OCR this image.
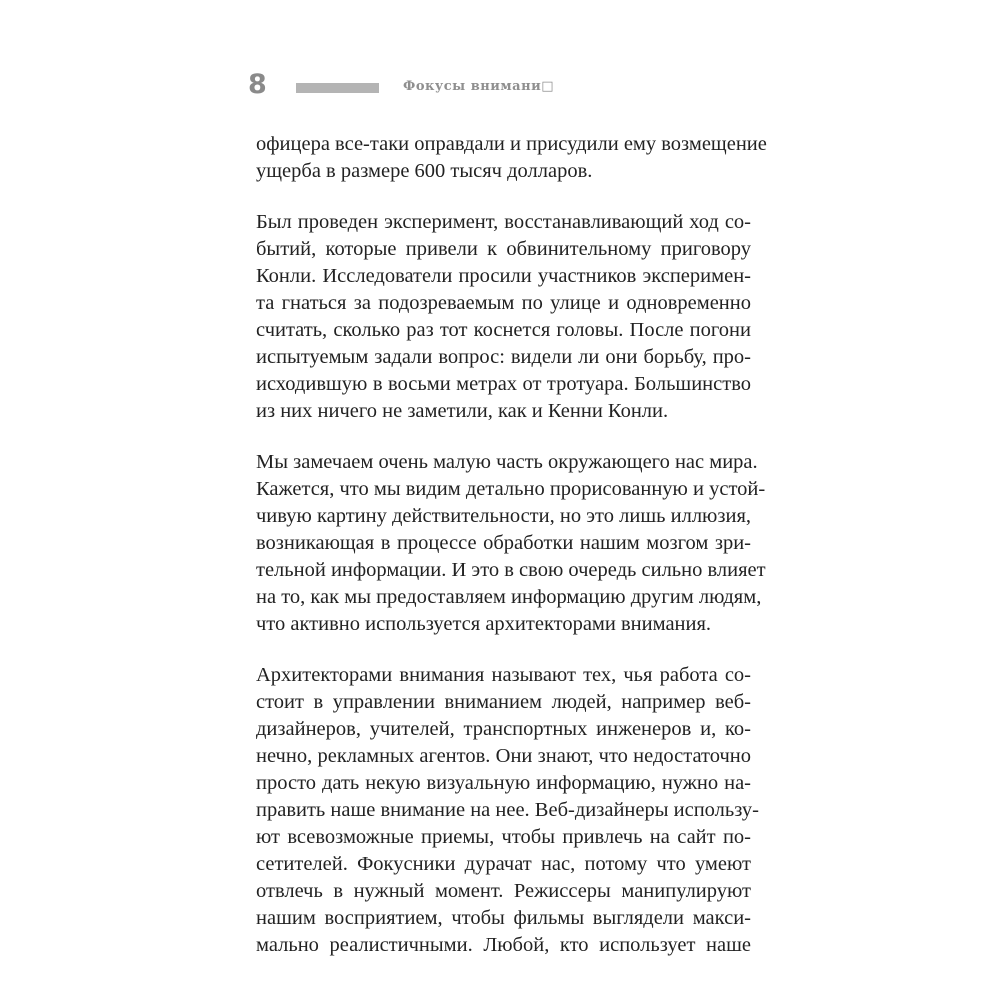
8	Фокусы внимани□
офицера все-таки оправдали и присудили ему возмещение
ущерба в размере 600 тысяч долларов.
Был проведен эксперимент, восстанавливающий ход со-
бытий, которые привели к обвинительному приговору
Конли. Исследователи просили участников эксперимен-
та гнаться за подозреваемым по улице и одновременно
считать, сколько раз тот коснется головы. После погони
испытуемым задали вопрос: видели ли они борьбу, про-
исходившую в восьми метрах от тротуара. Большинство
из них ничего не заметили, как и Кенни Конли.
Мы замечаем очень малую часть окружающего нас мира.
Кажется, что мы видим детально прорисованную и устой-
чивую картину действительности, но это лишь иллюзия,
возникающая в процессе обработки нашим мозгом зри-
тельной информации. И это в свою очередь сильно влияет
на то, как мы предоставляем информацию другим людям,
что активно используется архитекторами внимания.
Архитекторами внимания называют тех, чья работа со-
стоит в управлении вниманием людей, например веб-
дизайнеров, учителей, транспортных инженеров и, ко-
нечно, рекламных агентов. Они знают, что недостаточно
просто дать некую визуальную информацию, нужно на-
править наше внимание на нее. Веб-дизайнеры использу-
ют всевозможные приемы, чтобы привлечь на сайт по-
сетителей. Фокусники дурачат нас, потому что умеют
отвлечь в нужный момент. Режиссеры манипулируют
нашим восприятием, чтобы фильмы выглядели макси-
мально реалистичными. Любой, кто использует наше
